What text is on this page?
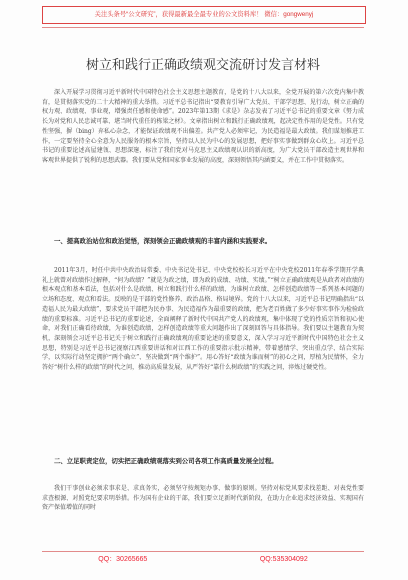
关注头条号“公文研究”，获得最新最全最专业的公文资料库！ 微信：gongwenyj
树立和践行正确政绩观交流研讨发言材料

深入开展学习贯彻习近平新时代中国特色社会主义思想主题教育，是党的十八大以来，全党开展的第六次党内集中教育，是贯彻落实党的二十大精神的重大举措。习近平总书记指出“要教育引导广大党员、干部学思想、见行动，树立正确的权力观、政绩观、事业观，增强责任感和使命感”。2023年第13期《求是》杂志发表了习近平总书记的重要文章《努力成长为对党和人民忠诚可靠、堪当时代重任的栋梁之材》。文章指出树立和践行正确政绩观，起决定性作用的是党性。只有党性坚强，摒（bing）弃私心杂念，才能保证政绩观不出偏差。共产党人必须牢记，为民造福是最大政绩。我们谋划推进工作，一定要坚持全心全意为人民服务的根本宗旨，坚持以人民为中心的发展思想，把好事实事做到群众心坎上。习近平总书记的重要论述高屋建瓴、思想深邃，标注了我们党对马克思主义政绩观认识的新高度，为广大党员干部改造主观世界和客观世界提供了锐利的思想武器。我们要从党和国家事业发展的高度，深刻领悟其内涵要义，并在工作中贯彻落实。

一、提高政治站位和政治觉悟，深刻领会正确政绩观的丰富内涵和实践要求。

2011年3月，时任中共中央政治局常委、中央书记处书记、中央党校校长习近平在中央党校2011年春季学期开学典礼上就曾对政绩作过解释，“何为政绩？”就是为政之绩，即为政的成绩、功绩、实绩。”“树立正确政绩观是从政者对政绩的根本观点和基本看法，包括对什么是政绩、树立和践行什么样的政绩、为谁树立政绩、怎样创造政绩等一系列基本问题的立场和态度、观点和看法。反映的是干部的党性修养、政治品格、格局境界。党的十八大以来，习近平总书记明确指出“以造福人民为最大政绩”，要求党员干部把为民办事、为民造福作为最重要的政绩，把为老百姓做了多少好事实事作为检验政绩的重要标准。习近平总书记的重要论述，全面阐释了新时代中国共产党人的政绩观，集中体现了党的性质宗旨和初心使命，对我们正确看待政绩，为谁创造政绩，怎样创造政绩等重大问题作出了深刻回答与具体指导。我们要以主题教育为契机，深刻领会习近平总书记关于树立和践行正确政绩观的重要论述的重要意义，深入学习习近平新时代中国特色社会主义思想，特别是习近平总书记视察江西重要讲话和对江西工作的重要指示批示精神，带着感情学、突出重点学、结合实际学，以实际行动坚定拥护“两个确立”、坚决做到“两个维护”。用心答好“政绩为谁而树”的初心之问，厚植为民情怀，全力答好“树什么样的政绩”的时代之问，推动高质量发展，从严答好“靠什么树政绩”的实践之问，淬炼过硬党性。

二、立足职责定位，切实把正确政绩观落实到公司各项工作高质量发展全过程。

我们干事创业必须求事求是、求真务实，必须坚守按规矩办事、做事的原则。坚持对标党风要求找差距、对表党性要求查根源、对照党纪要求明举措。作为国有企业的干部，我们要立足新时代新阶段，在助力企业追求经济效益、实现国有资产保值增值的同时

QQ：30265665	QQ:535304092
